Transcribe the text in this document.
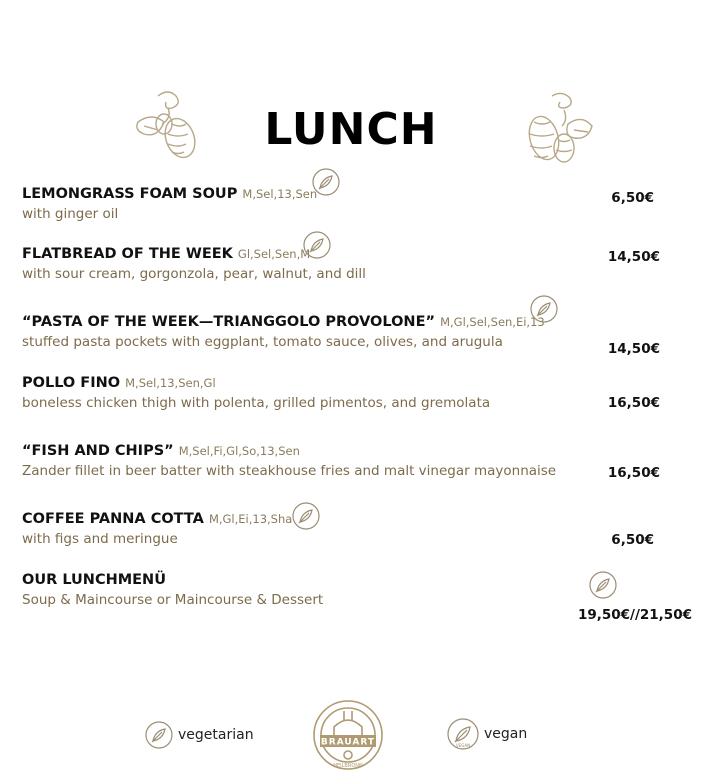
LUNCH
LEMONGRASS FOAM SOUP M,Sel,13,Sen
with ginger oil
6,50€
FLATBREAD OF THE WEEK Gl,Sel,Sen,M
with sour cream, gorgonzola, pear, walnut, and dill
14,50€
“PASTA OF THE WEEK—TRIANGGOLO PROVOLONE” M,Gl,Sel,Sen,Ei,13
stuffed pasta pockets with eggplant, tomato sauce, olives, and arugula	14,50€
POLLO FINO M,Sel,13,Sen,Gl
boneless chicken thigh with polenta, grilled pimentos, and gremolata	16,50€
“FISH AND CHIPS” M,Sel,Fi,Gl,So,13,Sen
Zander fillet in beer batter with steakhouse fries and malt vinegar mayonnaise	16,50€
COFFEE PANNA COTTA M,Gl,Ei,13,Sha
with figs and meringue	6,50€
OUR LUNCHMENÜ
Soup & Maincourse or Maincourse & Dessert
19,50€//21,50€
vegetarian	BRAUART
HEILBRONN
VEGAN
vegan
